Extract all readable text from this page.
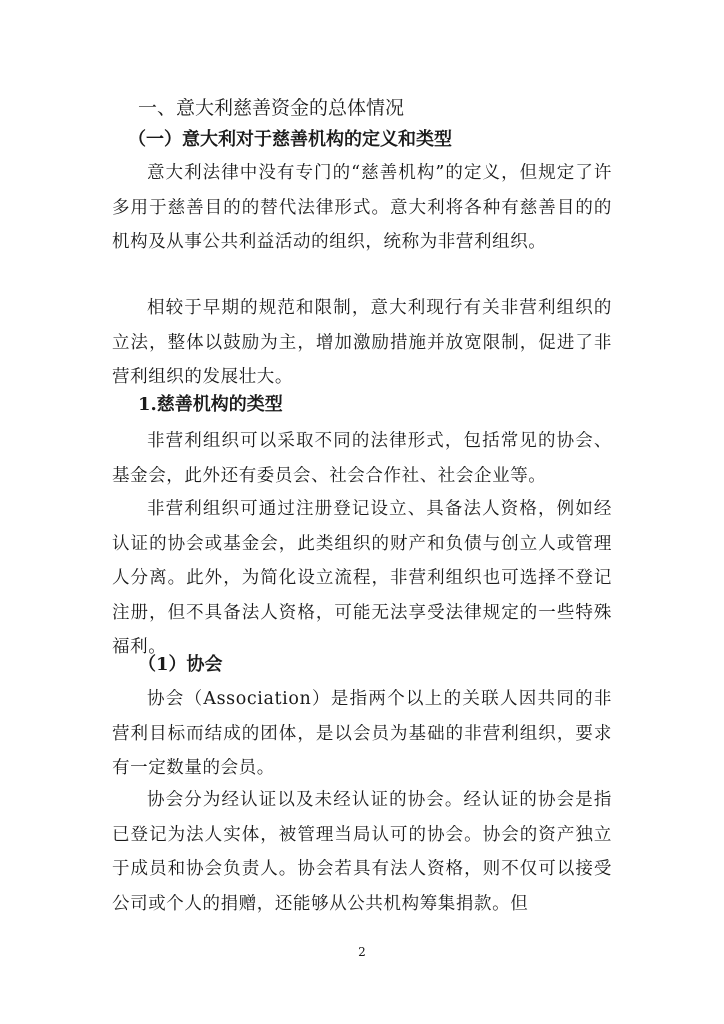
一、意大利慈善资金的总体情况
（一）意大利对于慈善机构的定义和类型
意大利法律中没有专门的“慈善机构”的定义，但规定了许多用于慈善目的的替代法律形式。意大利将各种有慈善目的的机构及从事公共利益活动的组织，统称为非营利组织。
相较于早期的规范和限制，意大利现行有关非营利组织的立法，整体以鼓励为主，增加激励措施并放宽限制，促进了非营利组织的发展壮大。
1.慈善机构的类型
非营利组织可以采取不同的法律形式，包括常见的协会、基金会，此外还有委员会、社会合作社、社会企业等。
非营利组织可通过注册登记设立、具备法人资格，例如经认证的协会或基金会，此类组织的财产和负债与创立人或管理人分离。此外，为简化设立流程，非营利组织也可选择不登记注册，但不具备法人资格，可能无法享受法律规定的一些特殊福利。
（1）协会
协会（Association）是指两个以上的关联人因共同的非营利目标而结成的团体，是以会员为基础的非营利组织，要求有一定数量的会员。
协会分为经认证以及未经认证的协会。经认证的协会是指已登记为法人实体，被管理当局认可的协会。协会的资产独立于成员和协会负责人。协会若具有法人资格，则不仅可以接受公司或个人的捐赠，还能够从公共机构筹集捐款。但
2
